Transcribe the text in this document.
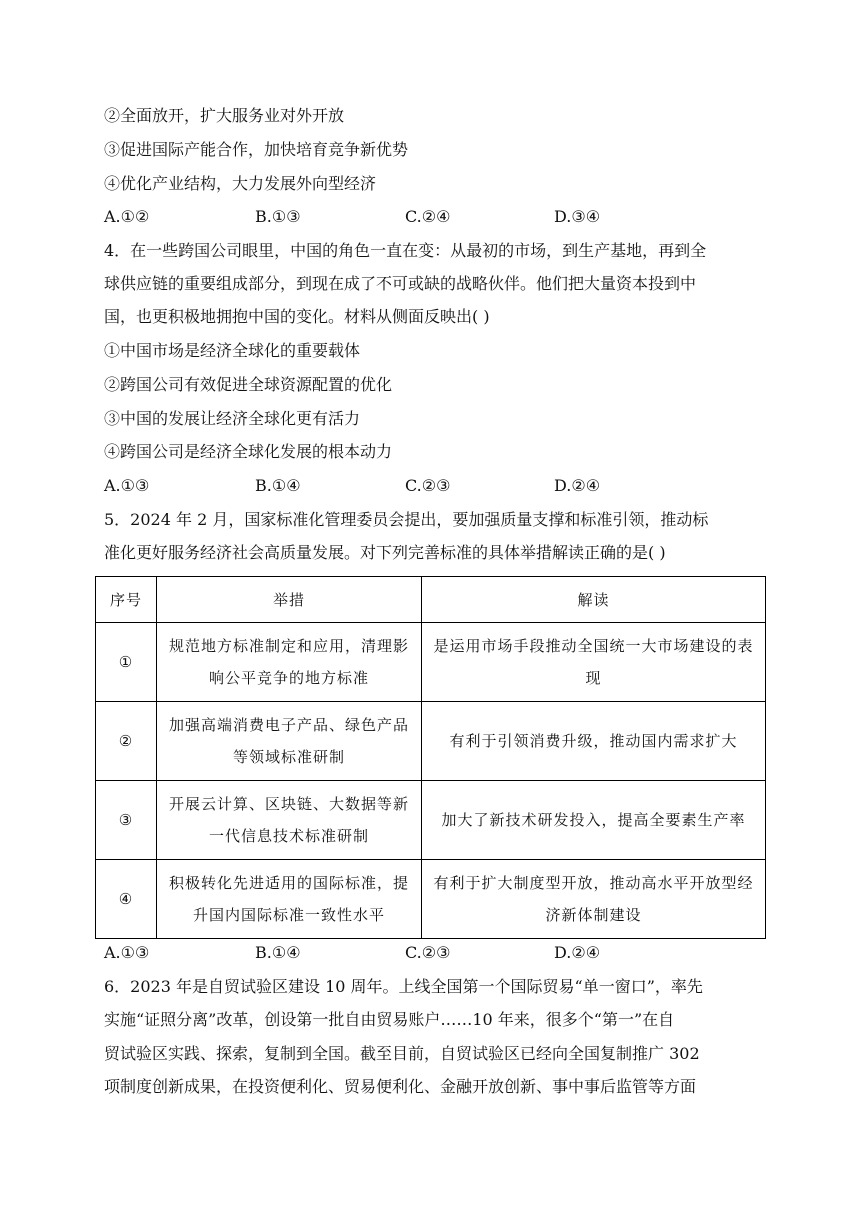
②全面放开，扩大服务业对外开放
③促进国际产能合作，加快培育竞争新优势
④优化产业结构，大力发展外向型经济
A.①②	B.①③	C.②④	D.③④
4．在一些跨国公司眼里，中国的角色一直在变：从最初的市场，到生产基地，再到全
球供应链的重要组成部分，到现在成了不可或缺的战略伙伴。他们把大量资本投到中
国，也更积极地拥抱中国的变化。材料从侧面反映出( )
①中国市场是经济全球化的重要载体
②跨国公司有效促进全球资源配置的优化
③中国的发展让经济全球化更有活力
④跨国公司是经济全球化发展的根本动力
A.①③	B.①④	C.②③	D.②④
5．2024 年 2 月，国家标准化管理委员会提出，要加强质量支撑和标准引领，推动标
准化更好服务经济社会高质量发展。对下列完善标准的具体举措解读正确的是( )
序号	举措	解读
①	规范地方标准制定和应用，清理影响公平竞争的地方标准	是运用市场手段推动全国统一大市场建设的表现
②	加强高端消费电子产品、绿色产品等领域标准研制	有利于引领消费升级，推动国内需求扩大
③	开展云计算、区块链、大数据等新一代信息技术标准研制	加大了新技术研发投入，提高全要素生产率
④	积极转化先进适用的国际标准，提升国内国际标准一致性水平	有利于扩大制度型开放，推动高水平开放型经济新体制建设
A.①③	B.①④	C.②③	D.②④
6．2023 年是自贸试验区建设 10 周年。上线全国第一个国际贸易“单一窗口”，率先
实施“证照分离”改革，创设第一批自由贸易账户……10 年来，很多个“第一”在自
贸试验区实践、探索，复制到全国。截至目前，自贸试验区已经向全国复制推广 302
项制度创新成果，在投资便利化、贸易便利化、金融开放创新、事中事后监管等方面
